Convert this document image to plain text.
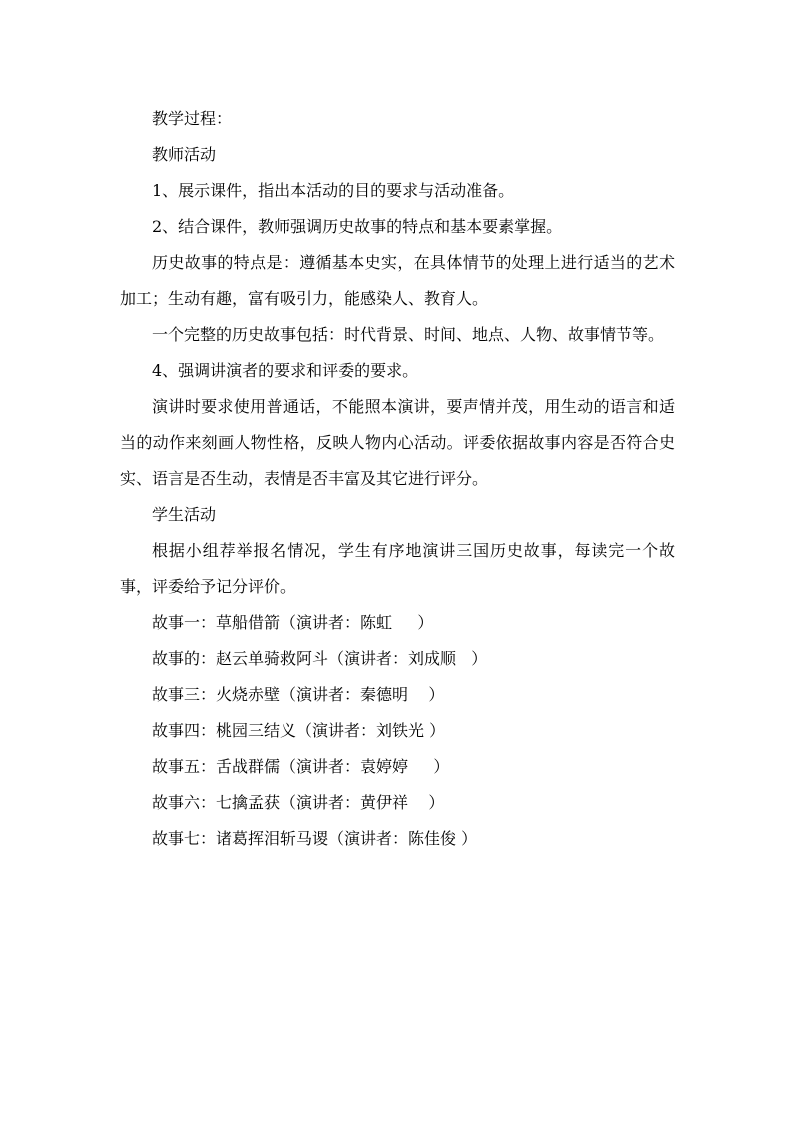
教学过程：

教师活动

1、展示课件，指出本活动的目的要求与活动准备。

2、结合课件，教师强调历史故事的特点和基本要素掌握。

历史故事的特点是：遵循基本史实，在具体情节的处理上进行适当的艺术加工；生动有趣，富有吸引力，能感染人、教育人。

一个完整的历史故事包括：时代背景、时间、地点、人物、故事情节等。

4、强调讲演者的要求和评委的要求。

演讲时要求使用普通话，不能照本演讲，要声情并茂，用生动的语言和适当的动作来刻画人物性格，反映人物内心活动。评委依据故事内容是否符合史实、语言是否生动，表情是否丰富及其它进行评分。

学生活动

根据小组荐举报名情况，学生有序地演讲三国历史故事，每读完一个故事，评委给予记分评价。

故事一：草船借箭（演讲者：陈虹     ）

故事的：赵云单骑救阿斗（演讲者：刘成顺   ）

故事三：火烧赤壁（演讲者：秦德明    ）

故事四：桃园三结义（演讲者：刘铁光 ）

故事五：舌战群儒（演讲者：袁婷婷     ）

故事六：七擒孟获（演讲者：黄伊祥    ）

故事七：诸葛挥泪斩马谡（演讲者：陈佳俊 ）
